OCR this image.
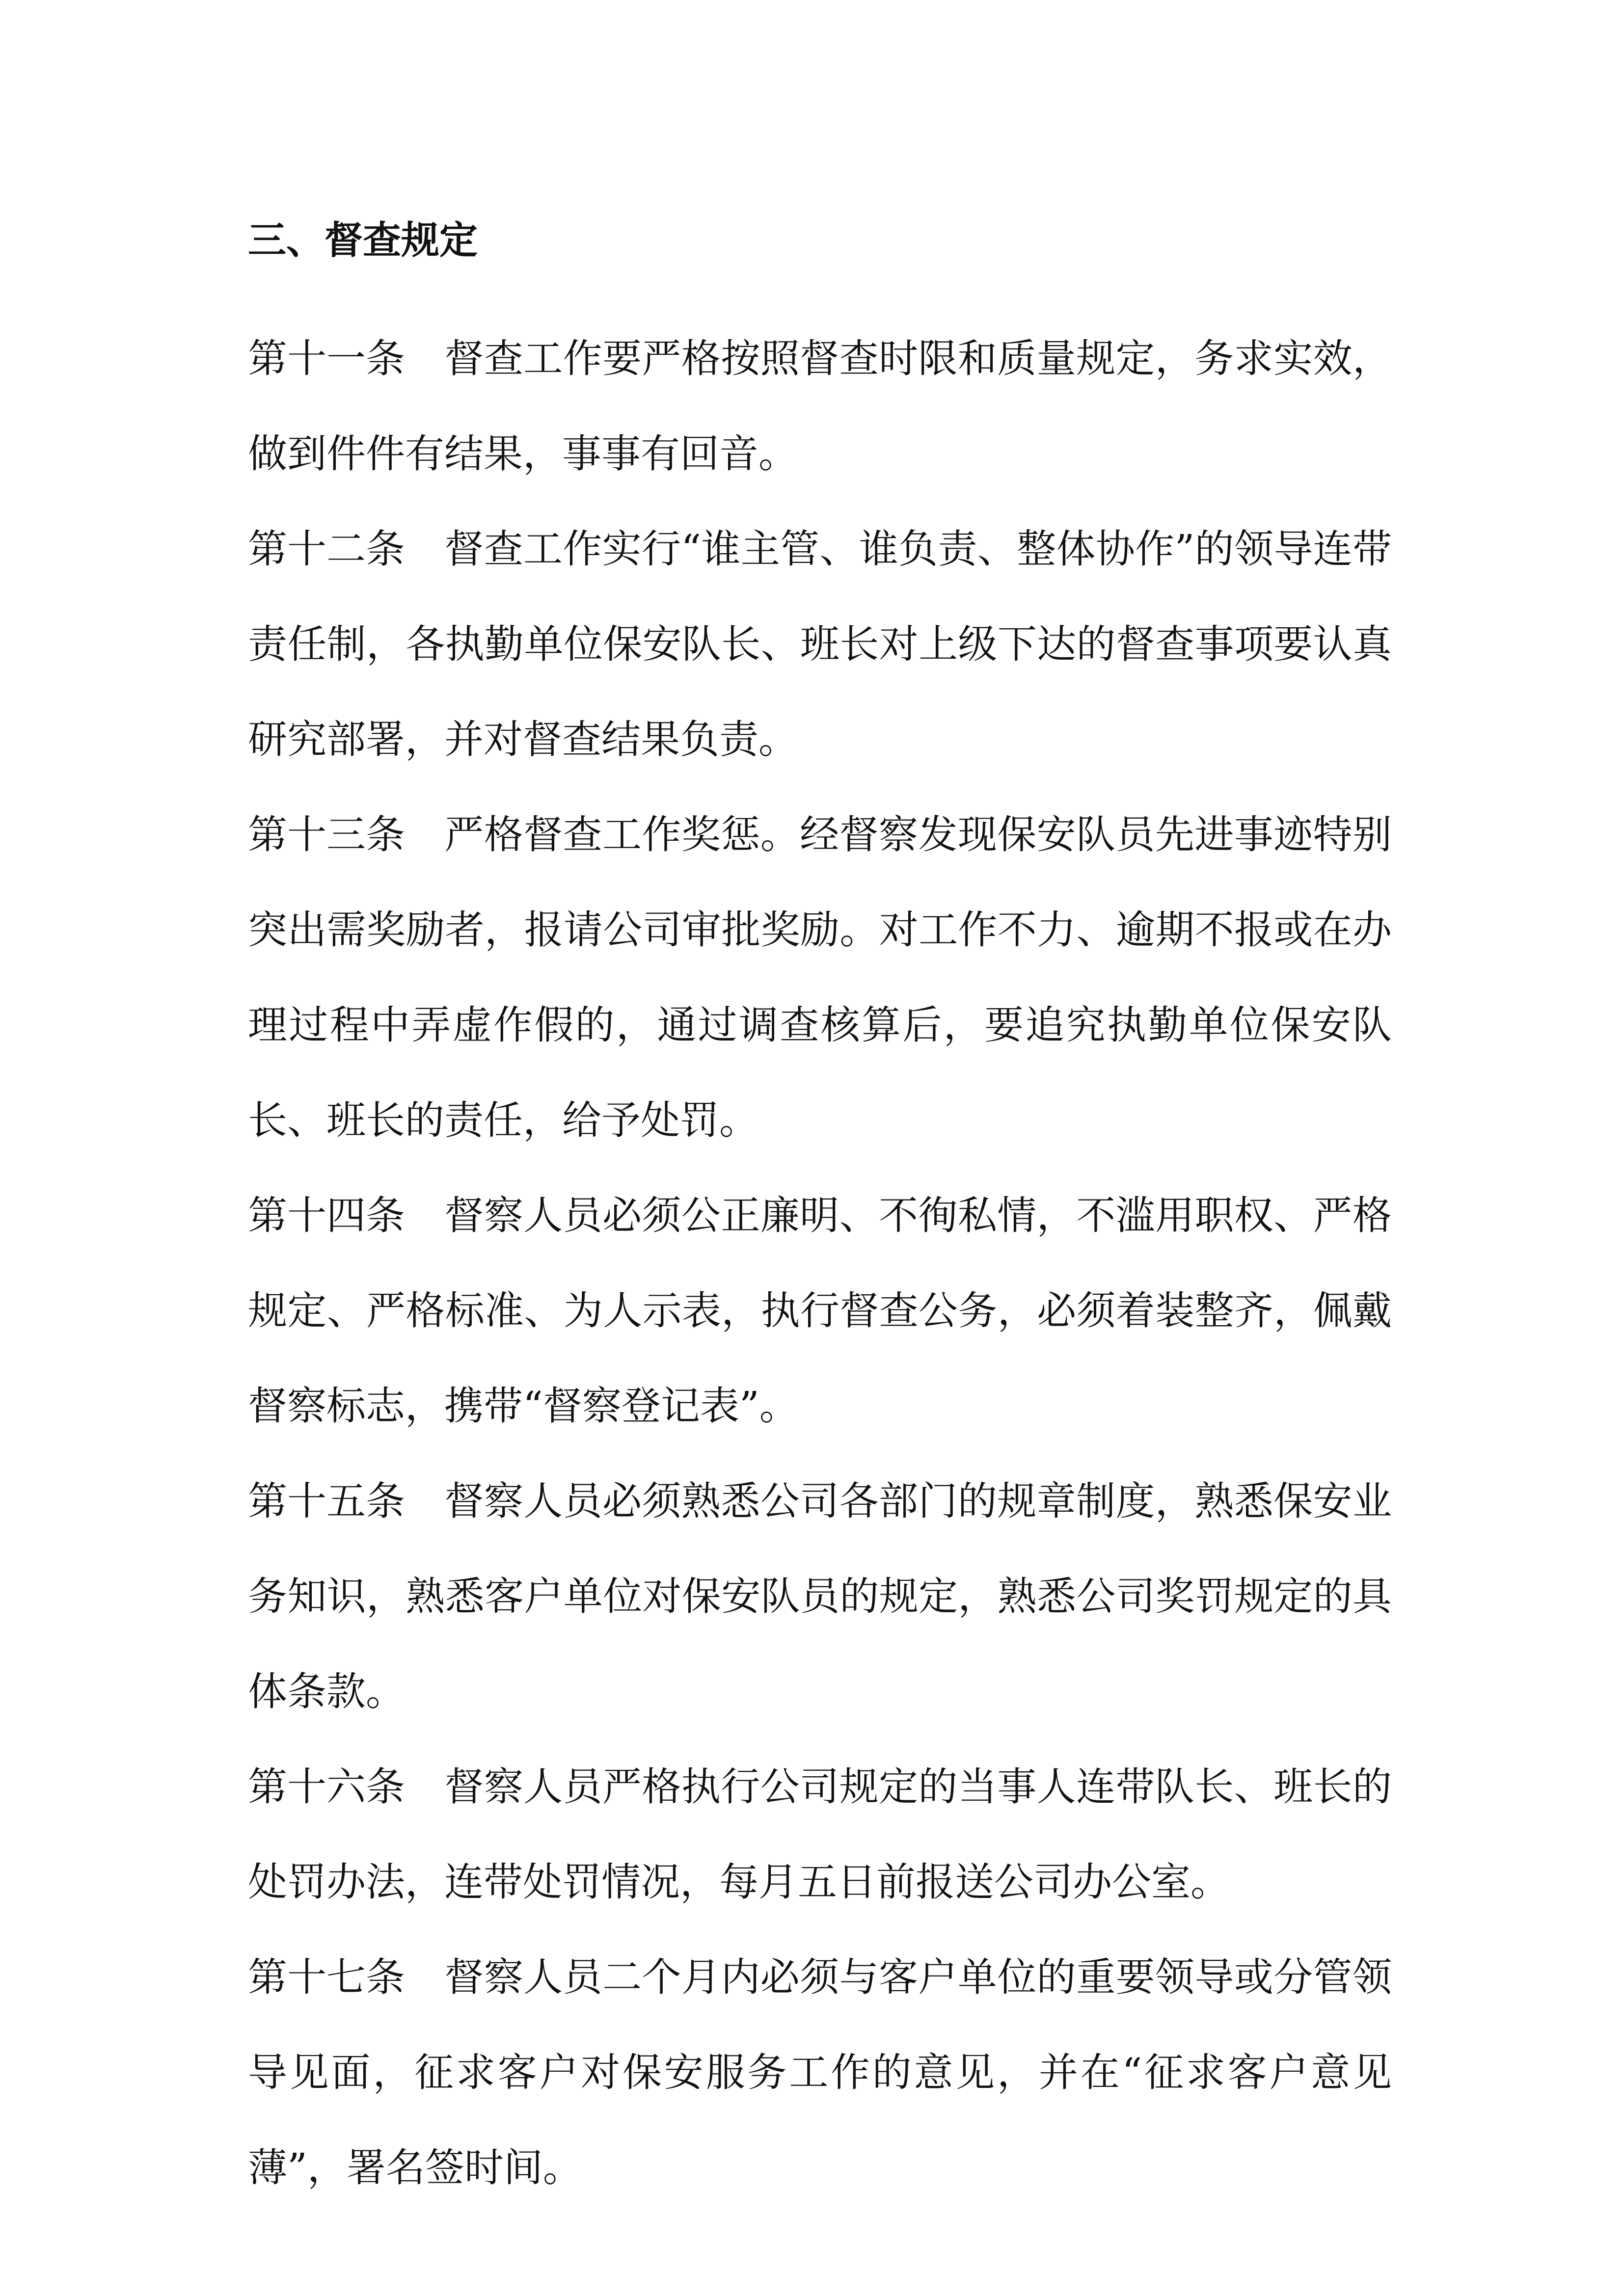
三、督查规定

第十一条 督查工作要严格按照督查时限和质量规定，务求实效，做到件件有结果，事事有回音。

第十二条 督查工作实行“谁主管、谁负责、整体协作”的领导连带责任制，各执勤单位保安队长、班长对上级下达的督查事项要认真研究部署，并对督查结果负责。

第十三条 严格督查工作奖惩。经督察发现保安队员先进事迹特别突出需奖励者，报请公司审批奖励。对工作不力、逾期不报或在办理过程中弄虚作假的，通过调查核算后，要追究执勤单位保安队长、班长的责任，给予处罚。

第十四条 督察人员必须公正廉明、不徇私情，不滥用职权、严格规定、严格标准、为人示表，执行督查公务，必须着装整齐，佩戴督察标志，携带“督察登记表”。

第十五条 督察人员必须熟悉公司各部门的规章制度，熟悉保安业务知识，熟悉客户单位对保安队员的规定，熟悉公司奖罚规定的具体条款。

第十六条 督察人员严格执行公司规定的当事人连带队长、班长的处罚办法，连带处罚情况，每月五日前报送公司办公室。

第十七条 督察人员二个月内必须与客户单位的重要领导或分管领导见面，征求客户对保安服务工作的意见，并在“征求客户意见薄”，署名签时间。
